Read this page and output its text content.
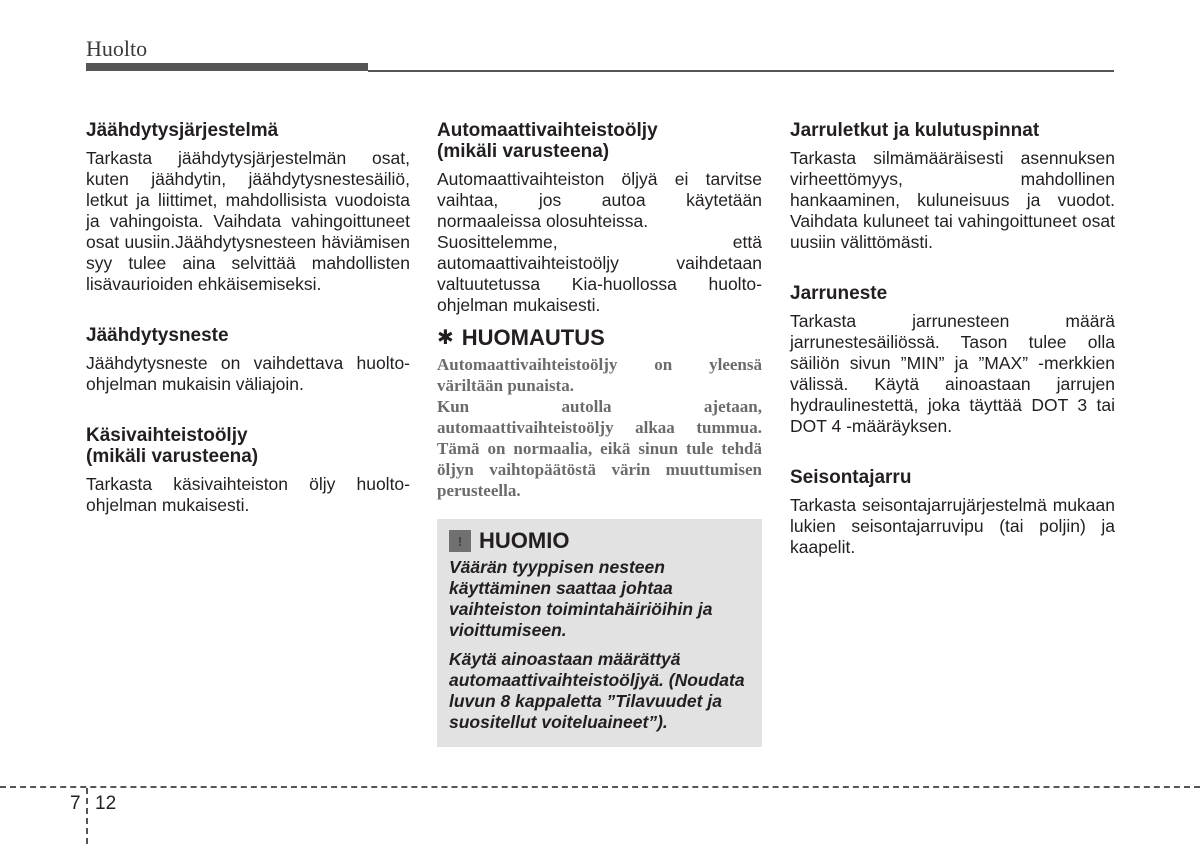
Huolto
Jäähdytysjärjestelmä

Tarkasta jäähdytysjärjestelmän osat, kuten jäähdytin, jäähdytysnestesäiliö, letkut ja liittimet, mahdollisista vuodoista ja vahingoista. Vaihdata vahingoittuneet osat uusiin.Jäähdytysnesteen häviämisen syy tulee aina selvittää mahdollisten lisävaurioiden ehkäisemiseksi.

Jäähdytysneste

Jäähdytysneste on vaihdettava huolto-ohjelman mukaisin väliajoin.

Käsivaihteistoöljy
(mikäli varusteena)

Tarkasta käsivaihteiston öljy huolto-ohjelman mukaisesti.

Automaattivaihteistoöljy
(mikäli varusteena)

Automaattivaihteiston öljyä ei tarvitse vaihtaa, jos autoa käytetään normaaleissa olosuhteissa.

Suosittelemme, että automaattivaihteistoöljy vaihdetaan valtuutetussa Kia-huollossa huolto-ohjelman mukaisesti.

✱ HUOMAUTUS

Automaattivaihteistoöljy on yleensä väriltään punaista.

Kun autolla ajetaan, automaattivaihteistoöljy alkaa tummua. Tämä on normaalia, eikä sinun tule tehdä öljyn vaihtopäätöstä värin muuttumisen perusteella.

! HUOMIO

Väärän tyyppisen nesteen käyttäminen saattaa johtaa vaihteiston toimintahäiriöihin ja vioittumiseen.

Käytä ainoastaan määrättyä automaattivaihteistoöljyä. (Noudata luvun 8 kappaletta ”Tilavuudet ja suositellut voiteluaineet”).

Jarruletkut ja kulutuspinnat

Tarkasta silmämääräisesti asennuksen virheettömyys, mahdollinen hankaaminen, kuluneisuus ja vuodot. Vaihdata kuluneet tai vahingoittuneet osat uusiin välittömästi.

Jarruneste

Tarkasta jarrunesteen määrä jarrunestesäiliössä. Tason tulee olla säiliön sivun ”MIN” ja ”MAX” -merkkien välissä. Käytä ainoastaan jarrujen hydraulinestettä, joka täyttää DOT 3 tai DOT 4 -määräyksen.

Seisontajarru

Tarkasta seisontajarrujärjestelmä mukaan lukien seisontajarruvipu (tai poljin) ja kaapelit.

7 12
